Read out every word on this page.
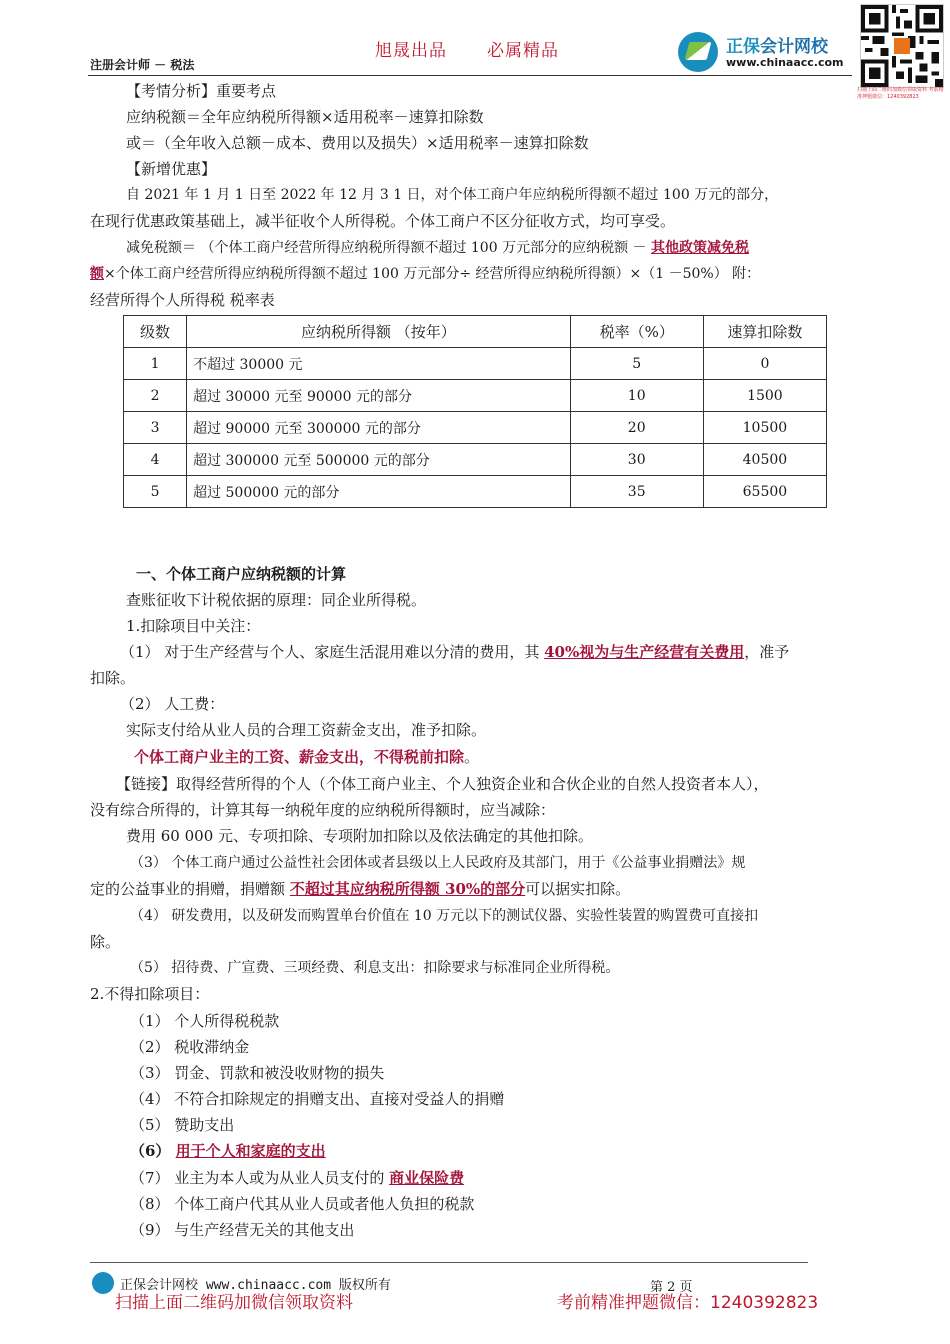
旭晟出品 必属精品
注册会计师 － 税法
正保会计网校
www.chinaacc.com
扫描上面二维码加微信领取资料 考前精准押题微信：1240392823
【考情分析】重要考点
应纳税额＝全年应纳税所得额×适用税率－速算扣除数
或＝（全年收入总额－成本、费用以及损失）×适用税率－速算扣除数
【新增优惠】
自 2021 年 1 月 1 日至 2022 年 12 月 3 1 日，对个体工商户年应纳税所得额不超过 100 万元的部分，
在现行优惠政策基础上，减半征收个人所得税。个体工商户不区分征收方式，均可享受。
减免税额＝ （个体工商户经营所得应纳税所得额不超过 100 万元部分的应纳税额 － 其他政策减免税
额×个体工商户经营所得应纳税所得额不超过 100 万元部分÷ 经营所得应纳税所得额）×（1 －50%） 附：
经营所得个人所得税 税率表
级数	应纳税所得额 （按年）	税率（%）	速算扣除数
1	不超过 30000 元	5	0
2	超过 30000 元至 90000 元的部分	10	1500
3	超过 90000 元至 300000 元的部分	20	10500
4	超过 300000 元至 500000 元的部分	30	40500
5	超过 500000 元的部分	35	65500
一、个体工商户应纳税额的计算
查账征收下计税依据的原理：同企业所得税。
1.扣除项目中关注：
（1） 对于生产经营与个人、家庭生活混用难以分清的费用，其 40%视为与生产经营有关费用，准予
扣除。
（2） 人工费：
实际支付给从业人员的合理工资薪金支出，准予扣除。
个体工商户业主的工资、薪金支出，不得税前扣除。
【链接】取得经营所得的个人（个体工商户业主、个人独资企业和合伙企业的自然人投资者本人），
没有综合所得的，计算其每一纳税年度的应纳税所得额时，应当减除：
费用 60 000 元、专项扣除、专项附加扣除以及依法确定的其他扣除。
（3） 个体工商户通过公益性社会团体或者县级以上人民政府及其部门，用于《公益事业捐赠法》规
定的公益事业的捐赠，捐赠额 不超过其应纳税所得额 30%的部分可以据实扣除。
（4） 研发费用，以及研发而购置单台价值在 10 万元以下的测试仪器、实验性装置的购置费可直接扣
除。
（5） 招待费、广宣费、三项经费、利息支出：扣除要求与标准同企业所得税。
2.不得扣除项目：
（1） 个人所得税税款
（2） 税收滞纳金
（3） 罚金、罚款和被没收财物的损失
（4） 不符合扣除规定的捐赠支出、直接对受益人的捐赠
（5） 赞助支出
（6） 用于个人和家庭的支出
（7） 业主为本人或为从业人员支付的 商业保险费
（8） 个体工商户代其从业人员或者他人负担的税款
（9） 与生产经营无关的其他支出
正保会计网校 www.chinaacc.com 版权所有	第 2 页
扫描上面二维码加微信领取资料	考前精准押题微信：1240392823
